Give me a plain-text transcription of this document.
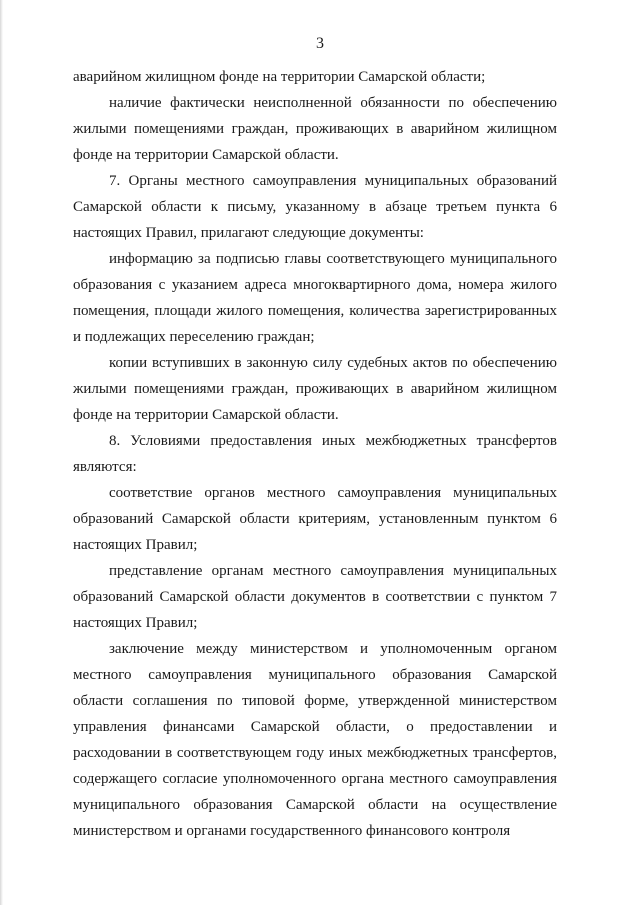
3

аварийном жилищном фонде на территории Самарской области;

наличие фактически неисполненной обязанности по обеспечению жилыми помещениями граждан, проживающих в аварийном жилищном фонде на территории Самарской области.

7. Органы местного самоуправления муниципальных образований Самарской области к письму, указанному в абзаце третьем пункта 6 настоящих Правил, прилагают следующие документы:

информацию за подписью главы соответствующего муниципального образования с указанием адреса многоквартирного дома, номера жилого помещения, площади жилого помещения, количества зарегистрированных и подлежащих переселению граждан;

копии вступивших в законную силу судебных актов по обеспечению жилыми помещениями граждан, проживающих в аварийном жилищном фонде на территории Самарской области.

8. Условиями предоставления иных межбюджетных трансфертов являются:

соответствие органов местного самоуправления муниципальных образований Самарской области критериям, установленным пунктом 6 настоящих Правил;

представление органам местного самоуправления муниципальных образований Самарской области документов в соответствии с пунктом 7 настоящих Правил;

заключение между министерством и уполномоченным органом местного самоуправления муниципального образования Самарской области соглашения по типовой форме, утвержденной министерством управления финансами Самарской области, о предоставлении и расходовании в соответствующем году иных межбюджетных трансфертов, содержащего согласие уполномоченного органа местного самоуправления муниципального образования Самарской области на осуществление министерством и органами государственного финансового контроля
